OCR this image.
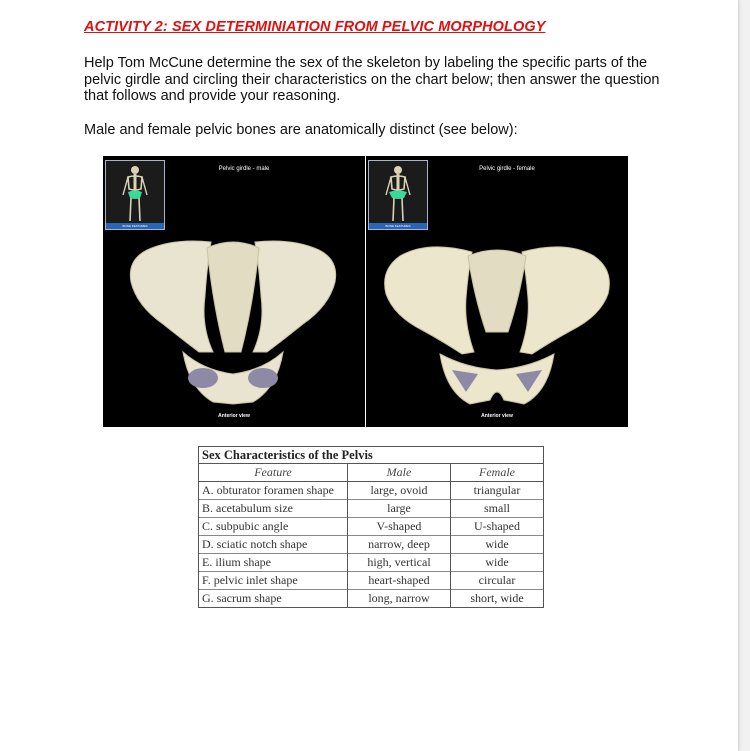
ACTIVITY 2: SEX DETERMINIATION FROM PELVIC MORPHOLOGY
Help Tom McCune determine the sex of the skeleton by labeling the specific parts of the pelvic girdle and circling their characteristics on the chart below; then answer the question that follows and provide your reasoning.
Male and female pelvic bones are anatomically distinct (see below):
BONE FEATURES
Pelvic girdle - male
Anterior view
BONE FEATURES
Pelvic girdle - female
Anterior view
Sex Characteristics of the Pelvis		
Feature	Male	Female
A. obturator foramen shape	large, ovoid	triangular
B. acetabulum size	large	small
C. subpubic angle	V-shaped	U-shaped
D. sciatic notch shape	narrow, deep	wide
E. ilium shape	high, vertical	wide
F. pelvic inlet shape	heart-shaped	circular
G. sacrum shape	long, narrow	short, wide
